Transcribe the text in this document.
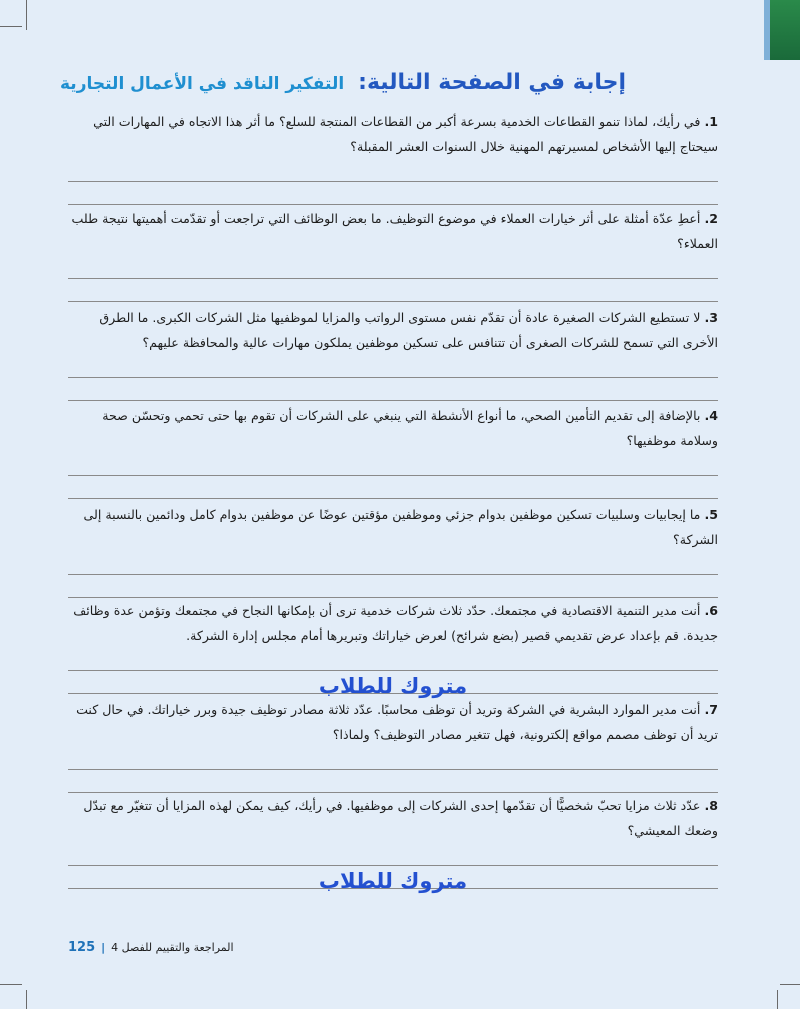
التفكير الناقد في الأعمال التجارية إجابة في الصفحة التالية:
1. في رأيك، لماذا تنمو القطاعات الخدمية بسرعة أكبر من القطاعات المنتجة للسلع؟ ما أثر هذا الاتجاه في المهارات التي سيحتاج إليها الأشخاص لمسيرتهم المهنية خلال السنوات العشر المقبلة؟
2. أعطِ عدّة أمثلة على أثر خيارات العملاء في موضوع التوظيف. ما بعض الوظائف التي تراجعت أو تقدّمت أهميتها نتيجة طلب العملاء؟
3. لا تستطيع الشركات الصغيرة عادة أن تقدّم نفس مستوى الرواتب والمزايا لموظفيها مثل الشركات الكبرى. ما الطرق الأخرى التي تسمح للشركات الصغرى أن تتنافس على تسكين موظفين يملكون مهارات عالية والمحافظة عليهم؟
4. بالإضافة إلى تقديم التأمين الصحي، ما أنواع الأنشطة التي ينبغي على الشركات أن تقوم بها حتى تحمي وتحسّن صحة وسلامة موظفيها؟
5. ما إيجابيات وسلبيات تسكين موظفين بدوام جزئي وموظفين مؤقتين عوضًا عن موظفين بدوام كامل ودائمين بالنسبة إلى الشركة؟
6. أنت مدير التنمية الاقتصادية في مجتمعك. حدّد ثلاث شركات خدمية ترى أن بإمكانها النجاح في مجتمعك وتؤمن عدة وظائف جديدة. قم بإعداد عرض تقديمي قصير (بضع شرائح) لعرض خياراتك وتبريرها أمام مجلس إدارة الشركة.
متروك للطلاب
7. أنت مدير الموارد البشرية في الشركة وتريد أن توظف محاسبًا. عدّد ثلاثة مصادر توظيف جيدة وبرر خياراتك. في حال كنت تريد أن توظف مصمم مواقع إلكترونية، فهل تتغير مصادر التوظيف؟ ولماذا؟
8. عدّد ثلاث مزايا تحبّ شخصيًّا أن تقدّمها إحدى الشركات إلى موظفيها. في رأيك، كيف يمكن لهذه المزايا أن تتغيّر مع تبدّل وضعك المعيشي؟
متروك للطلاب
المراجعة والتقييم للفصل 4
|
125
